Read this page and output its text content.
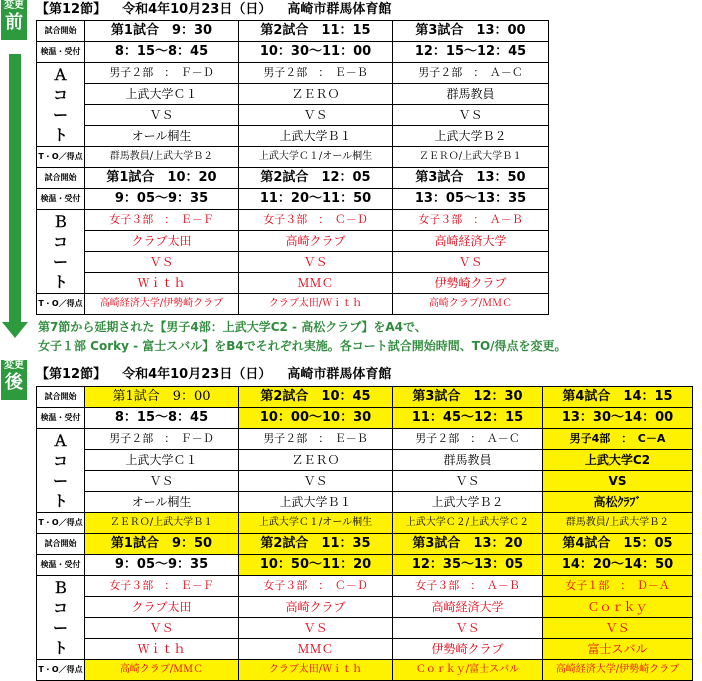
変更
前
変更
後
【第12節】 令和4年10月23日（日） 高崎市群馬体育館
試合開始	第1試合　9：30	第2試合　11：15	第3試合　13：00
検温・受付	8：15～8：45	10：30～11：00	12：15～12：45

Ａ
コ
ー
ト	男子２部　：　Ｆ－Ｄ	男子２部　：　Ｅ－Ｂ	男子２部　：　Ａ－Ｃ
	上武大学Ｃ１	ＺＥＲＯ	群馬教員
	ＶＳ	ＶＳ	ＶＳ
	オール桐生	上武大学Ｂ１	上武大学Ｂ２
T・O／得点	群馬教員/上武大学Ｂ２	上武大学Ｃ１/オール桐生	ＺＥＲＯ/上武大学Ｂ１
試合開始	第1試合　10：20	第2試合　12：05	第3試合　13：50
検温・受付	9：05～9：35	11：20～11：50	13：05～13：35

Ｂ
コ
ー
ト	女子３部　：　Ｅ－Ｆ	女子３部　：　Ｃ－Ｄ	女子３部　：　Ａ－Ｂ
	クラブ太田	高崎クラブ	高崎経済大学
	ＶＳ	ＶＳ	ＶＳ
	Ｗｉｔｈ	ＭＭＣ	伊勢崎クラブ
T・O／得点	高崎経済大学/伊勢崎クラブ	クラブ太田/Ｗｉｔｈ	高崎クラブ/ＭＭＣ
第7節から延期された【男子4部：上武大学C2 - 高松クラブ】をA4で、
女子１部 Corky - 富士スバル】をB4でそれぞれ実施。各コート試合開始時間、TO/得点を変更。
【第12節】 令和4年10月23日（日） 高崎市群馬体育館
試合開始	第1試合　9：00	第2試合　10：45	第3試合　12：30	第4試合　14：15
検温・受付	8：15～8：45	10：00～10：30	11：45～12：15	13：30～14：00

Ａ
コ
ー
ト	男子２部　：　Ｆ－Ｄ	男子２部　：　Ｅ－Ｂ	男子２部　：　Ａ－Ｃ	男子4部　：　C－A
	上武大学Ｃ１	ＺＥＲＯ	群馬教員	上武大学C2
	ＶＳ	ＶＳ	ＶＳ	VS
	オール桐生	上武大学Ｂ１	上武大学Ｂ２	高松ｸﾗﾌﾞ
T・O／得点	ＺＥＲＯ/上武大学Ｂ１	上武大学Ｃ１/オール桐生	上武大学Ｃ２/上武大学Ｃ２	群馬教員/上武大学Ｂ２
試合開始	第1試合　9：50	第2試合　11：35	第3試合　13：20	第4試合　15：05
検温・受付	9：05～9：35	10：50～11：20	12：35～13：05	14：20～14：50

Ｂ
コ
ー
ト	女子３部　：　Ｅ－Ｆ	女子３部　：　Ｃ－Ｄ	女子３部　：　Ａ－Ｂ	女子１部　：　Ｄ－Ａ
	クラブ太田	高崎クラブ	高崎経済大学	Ｃｏｒｋｙ
	ＶＳ	ＶＳ	ＶＳ	ＶＳ
	Ｗｉｔｈ	ＭＭＣ	伊勢崎クラブ	富士スバル
T・O／得点	高崎クラブ/ＭＭＣ	クラブ太田/Ｗｉｔｈ	Ｃｏｒｋｙ/富士スバル	高崎経済大学/伊勢崎クラブ
